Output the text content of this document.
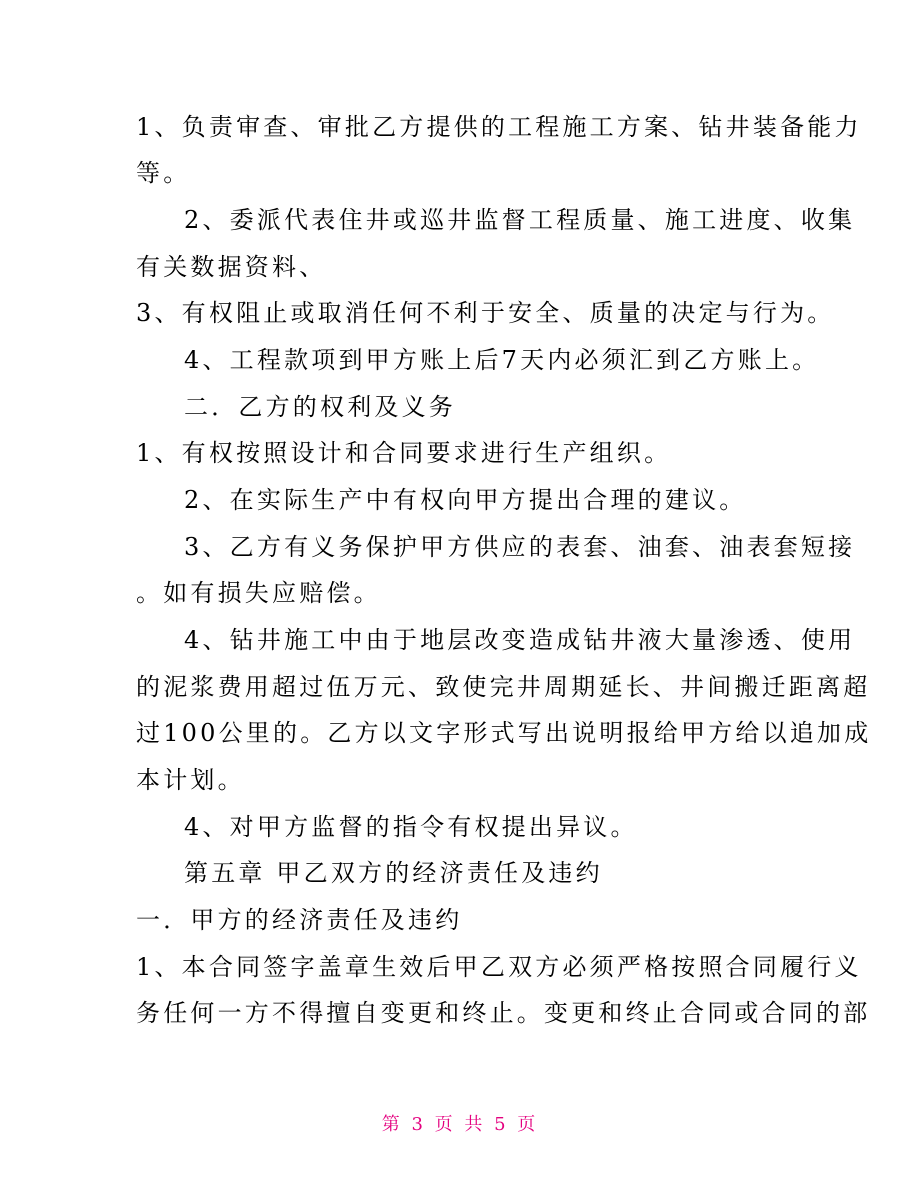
1、负责审查、审批乙方提供的工程施工方案、钻井装备能力

等。

2、委派代表住井或巡井监督工程质量、施工进度、收集

有关数据资料、

3、有权阻止或取消任何不利于安全、质量的决定与行为。

4、工程款项到甲方账上后7天内必须汇到乙方账上。

二．乙方的权利及义务

1、有权按照设计和合同要求进行生产组织。

2、在实际生产中有权向甲方提出合理的建议。

3、乙方有义务保护甲方供应的表套、油套、油表套短接

。如有损失应赔偿。

4、钻井施工中由于地层改变造成钻井液大量渗透、使用

的泥浆费用超过伍万元、致使完井周期延长、井间搬迁距离超

过100公里的。乙方以文字形式写出说明报给甲方给以追加成

本计划。

4、对甲方监督的指令有权提出异议。

第五章 甲乙双方的经济责任及违约

一．甲方的经济责任及违约

1、本合同签字盖章生效后甲乙双方必须严格按照合同履行义

务任何一方不得擅自变更和终止。变更和终止合同或合同的部

第 3 页 共 5 页
